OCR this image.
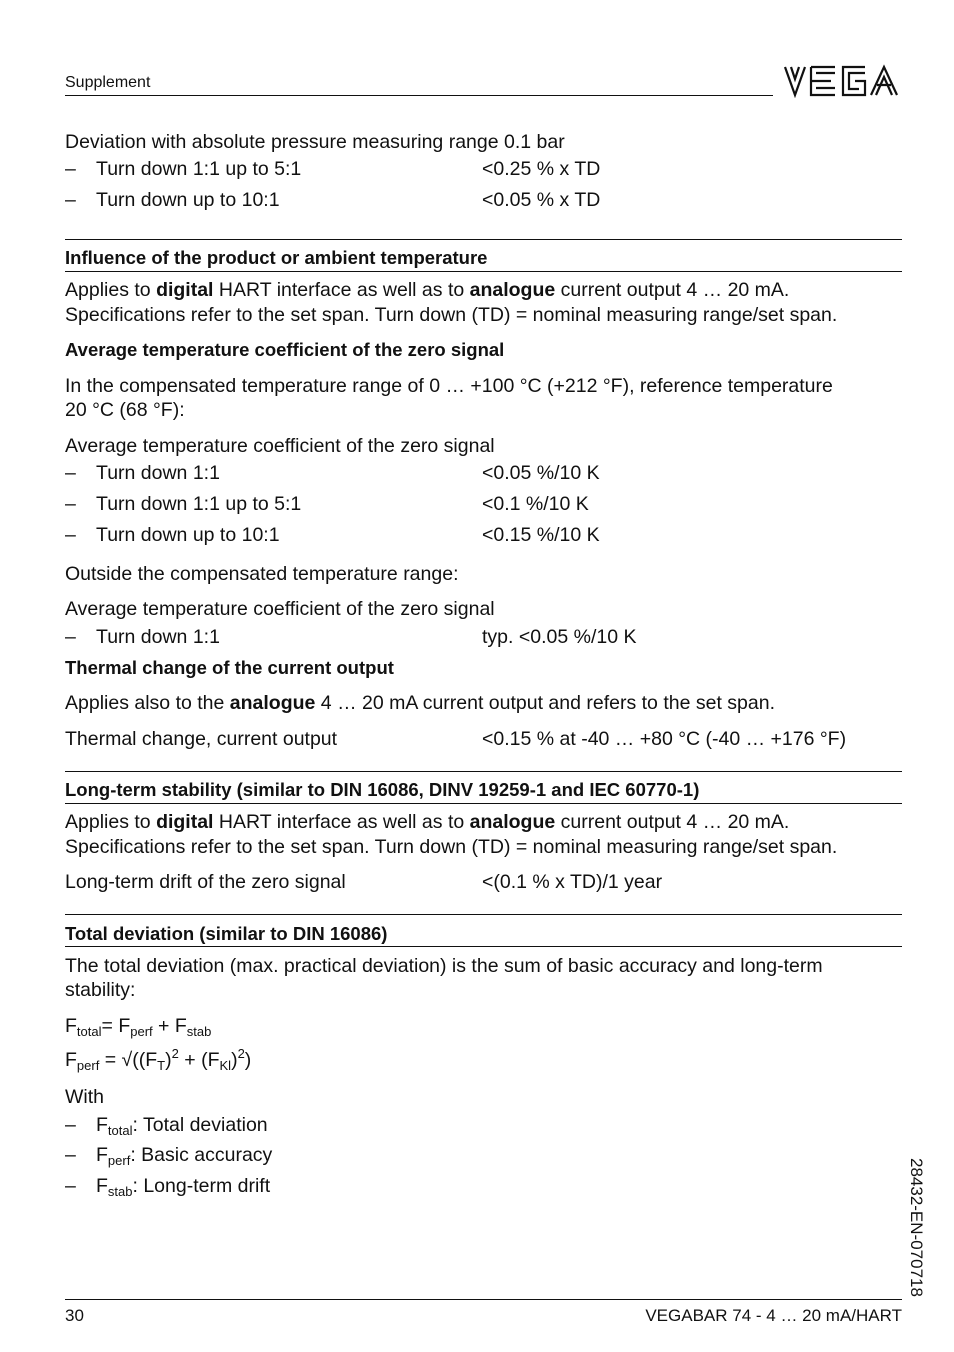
Supplement
Deviation with absolute pressure measuring range 0.1 bar
– Turn down 1:1 up to 5:1	<0.25 % x TD
– Turn down up to 10:1	<0.05 % x TD
Influence of the product or ambient temperature
Applies to digital HART interface as well as to analogue current output 4 … 20 mA.
Specifications refer to the set span. Turn down (TD) = nominal measuring range/set span.
Average temperature coefficient of the zero signal
In the compensated temperature range of 0 … +100 °C (+212 °F), reference temperature
20 °C (68 °F):
Average temperature coefficient of the zero signal
– Turn down 1:1	<0.05 %/10 K
– Turn down 1:1 up to 5:1	<0.1 %/10 K
– Turn down up to 10:1	<0.15 %/10 K
Outside the compensated temperature range:
Average temperature coefficient of the zero signal
– Turn down 1:1	typ. <0.05 %/10 K
Thermal change of the current output
Applies also to the analogue 4 … 20 mA current output and refers to the set span.
Thermal change, current output	<0.15 % at -40 … +80 °C (-40 … +176 °F)
Long-term stability (similar to DIN 16086, DINV 19259-1 and IEC 60770-1)
Applies to digital HART interface as well as to analogue current output 4 … 20 mA.
Specifications refer to the set span. Turn down (TD) = nominal measuring range/set span.
Long-term drift of the zero signal	<(0.1 % x TD)/1 year
Total deviation (similar to DIN 16086)
The total deviation (max. practical deviation) is the sum of basic accuracy and long-term
stability:
$F_{total}= F_{perf} + F_{stab}$
$F_{perf} = √((F_T)^2 + (F_{Kl})^2)$
With
– $F_{total}$: Total deviation
– $F_{perf}$: Basic accuracy
– $F_{stab}$: Long-term drift	28432-EN-070718
30	VEGABAR 74 - 4 … 20 mA/HART
